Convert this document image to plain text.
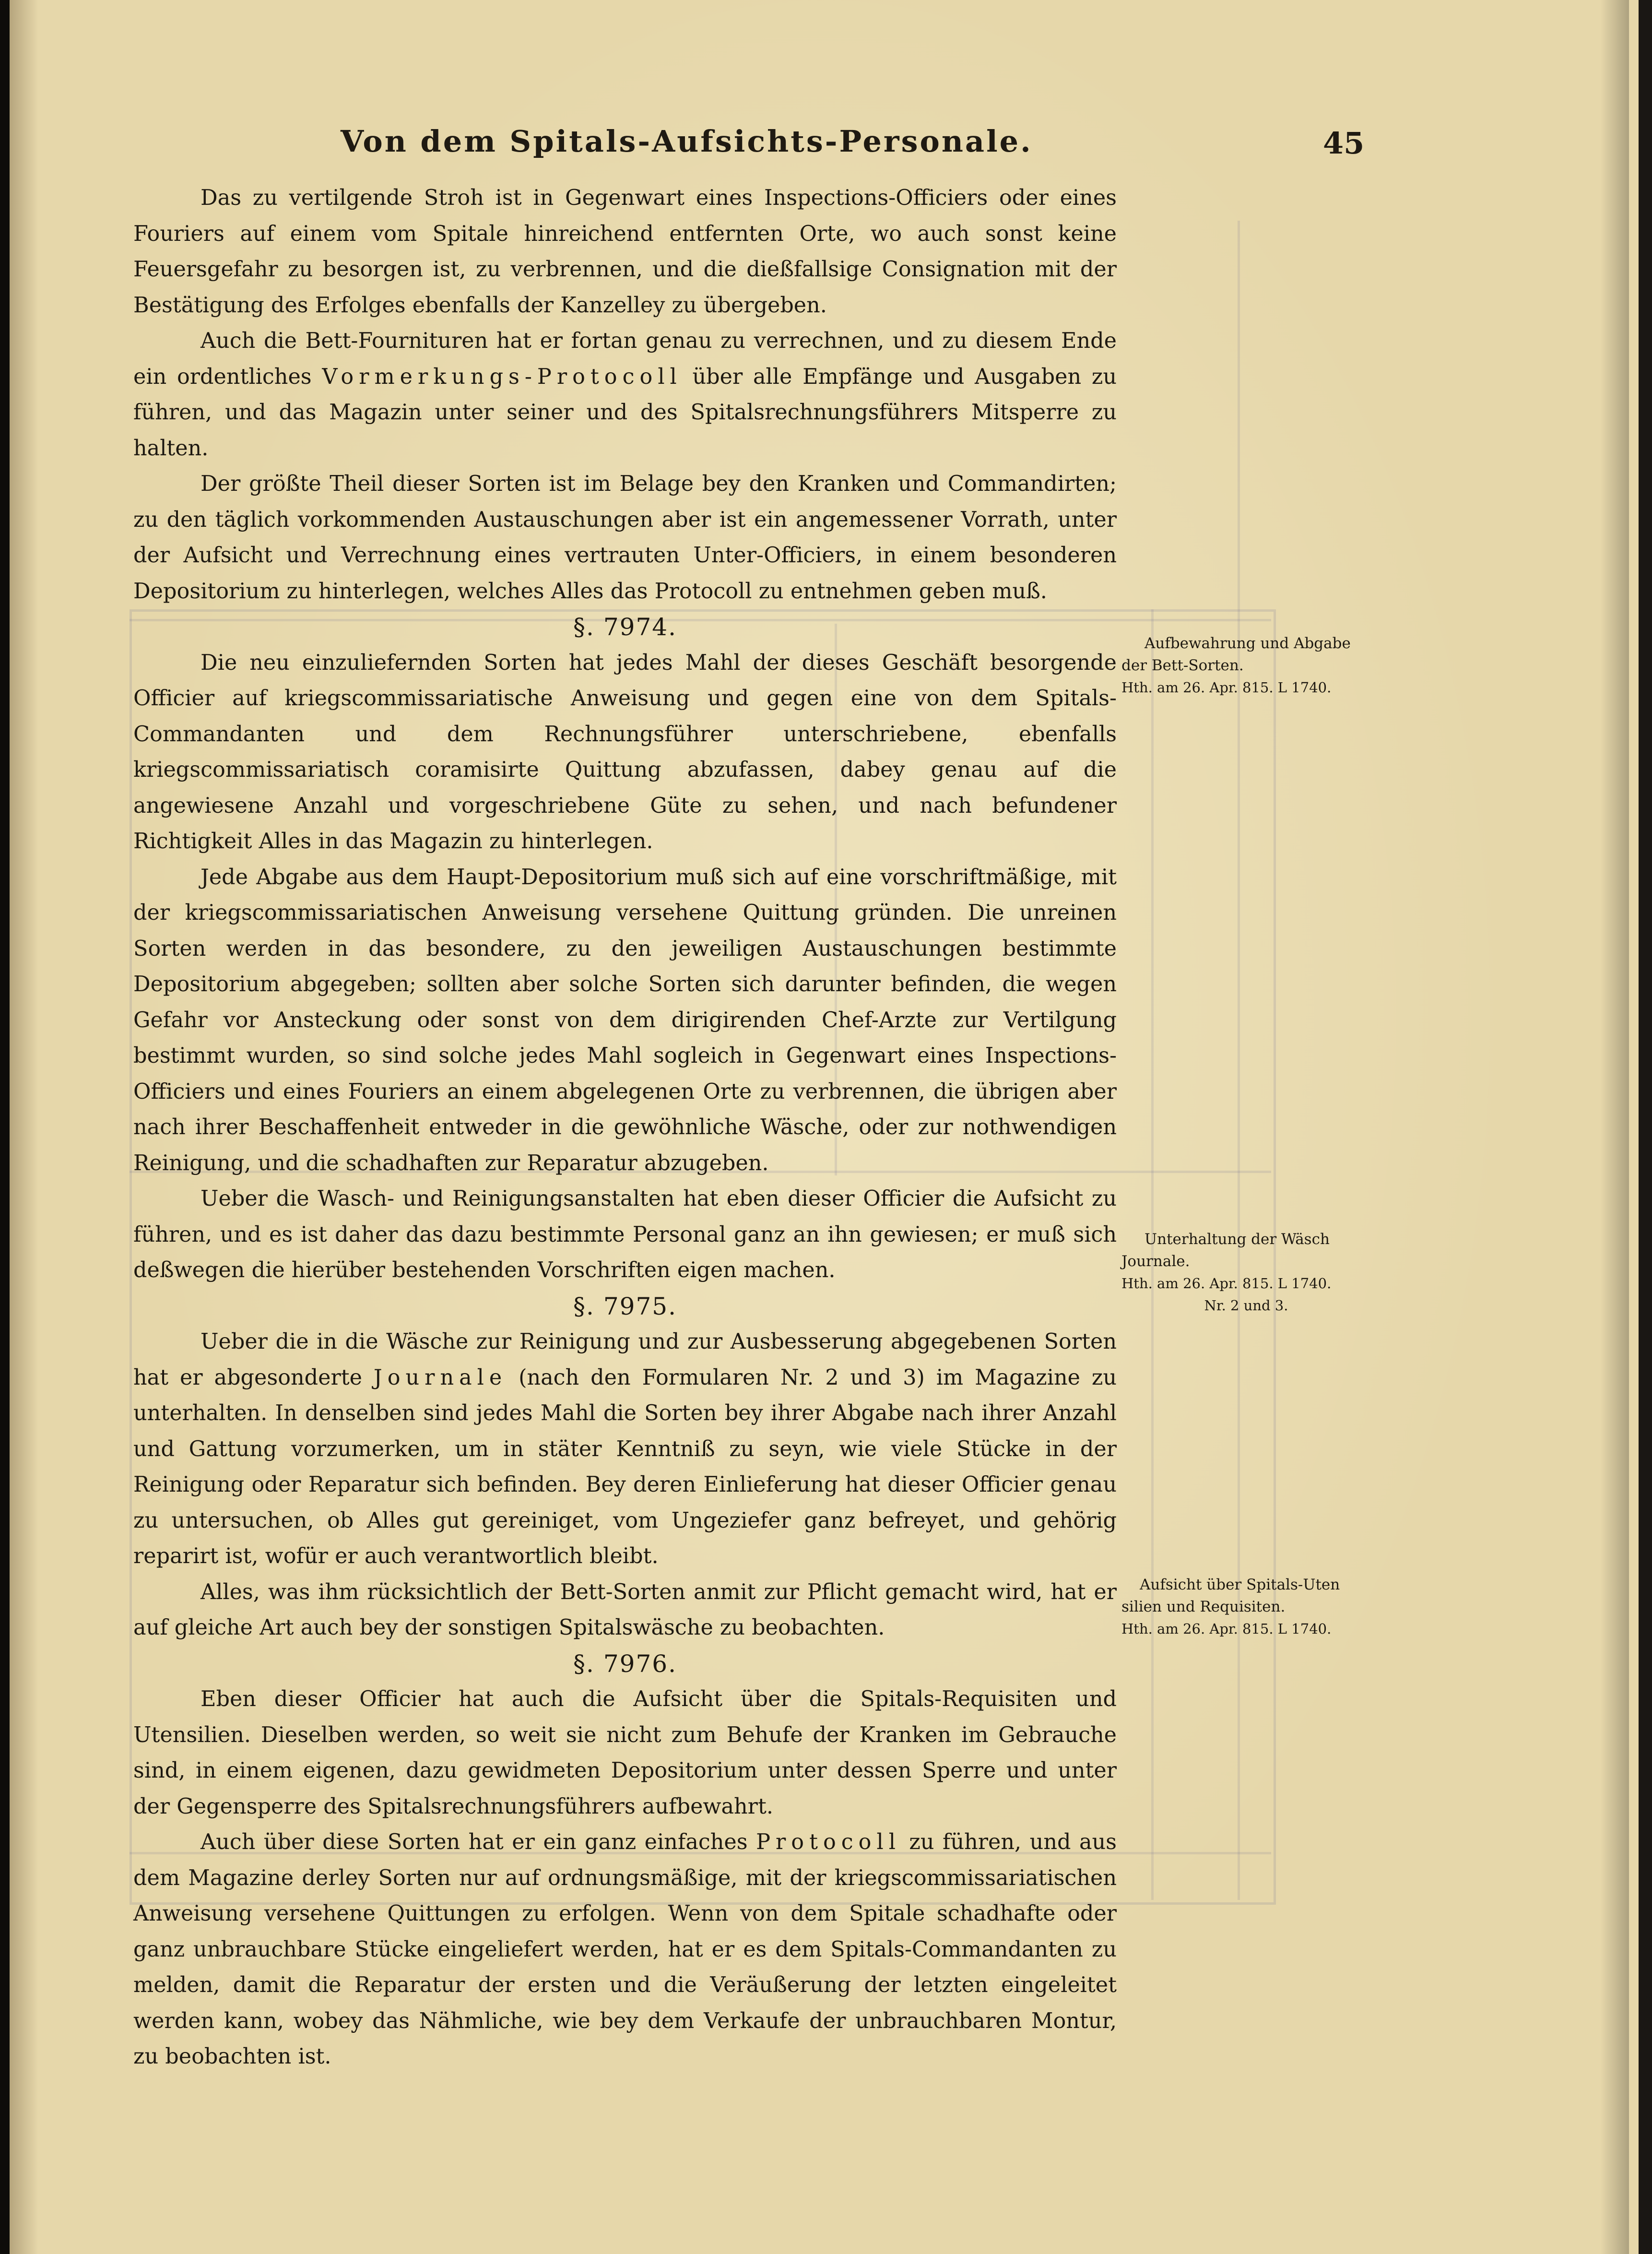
Von dem Spitals-Aufsichts-Personale.	45

Das zu vertilgende Stroh ist in Gegenwart eines Inspections-Officiers oder eines Fouriers auf einem vom Spitale hinreichend entfernten Orte, wo auch sonst keine Feuersgefahr zu besorgen ist, zu verbrennen, und die dießfallsige Consignation mit der Bestätigung des Erfolges ebenfalls der Kanzelley zu übergeben.

Auch die Bett-Fournituren hat er fortan genau zu verrechnen, und zu diesem Ende ein ordentliches Vormerkungs-Protocoll über alle Empfänge und Ausgaben zu führen, und das Magazin unter seiner und des Spitalsrechnungsführers Mitsperre zu halten.

Der größte Theil dieser Sorten ist im Belage bey den Kranken und Commandirten; zu den täglich vorkommenden Austauschungen aber ist ein angemessener Vorrath, unter der Aufsicht und Verrechnung eines vertrauten Unter-Officiers, in einem besonderen Depositorium zu hinterlegen, welches Alles das Protocoll zu entnehmen geben muß.

§. 7974.

Die neu einzuliefernden Sorten hat jedes Mahl der dieses Geschäft besorgende Officier auf kriegscommissariatische Anweisung und gegen eine von dem Spitals-Commandanten und dem Rechnungsführer unterschriebene, ebenfalls kriegscommissariatisch coramisirte Quittung abzufassen, dabey genau auf die angewiesene Anzahl und vorgeschriebene Güte zu sehen, und nach befundener Richtigkeit Alles in das Magazin zu hinterlegen.

Jede Abgabe aus dem Haupt-Depositorium muß sich auf eine vorschriftmäßige, mit der kriegscommissariatischen Anweisung versehene Quittung gründen. Die unreinen Sorten werden in das besondere, zu den jeweiligen Austauschungen bestimmte Depositorium abgegeben; sollten aber solche Sorten sich darunter befinden, die wegen Gefahr vor Ansteckung oder sonst von dem dirigirenden Chef-Arzte zur Vertilgung bestimmt wurden, so sind solche jedes Mahl sogleich in Gegenwart eines Inspections-Officiers und eines Fouriers an einem abgelegenen Orte zu verbrennen, die übrigen aber nach ihrer Beschaffenheit entweder in die gewöhnliche Wäsche, oder zur nothwendigen Reinigung, und die schadhaften zur Reparatur abzugeben.

Ueber die Wasch- und Reinigungsanstalten hat eben dieser Officier die Aufsicht zu führen, und es ist daher das dazu bestimmte Personal ganz an ihn gewiesen; er muß sich deßwegen die hierüber bestehenden Vorschriften eigen machen.

§. 7975.

Ueber die in die Wäsche zur Reinigung und zur Ausbesserung abgegebenen Sorten hat er abgesonderte Journale (nach den Formularen Nr. 2 und 3) im Magazine zu unterhalten. In denselben sind jedes Mahl die Sorten bey ihrer Abgabe nach ihrer Anzahl und Gattung vorzumerken, um in stäter Kenntniß zu seyn, wie viele Stücke in der Reinigung oder Reparatur sich befinden. Bey deren Einlieferung hat dieser Officier genau zu untersuchen, ob Alles gut gereiniget, vom Ungeziefer ganz befreyet, und gehörig reparirt ist, wofür er auch verantwortlich bleibt.

Alles, was ihm rücksichtlich der Bett-Sorten anmit zur Pflicht gemacht wird, hat er auf gleiche Art auch bey der sonstigen Spitalswäsche zu beobachten.

§. 7976.

Eben dieser Officier hat auch die Aufsicht über die Spitals-Requisiten und Utensilien. Dieselben werden, so weit sie nicht zum Behufe der Kranken im Gebrauche sind, in einem eigenen, dazu gewidmeten Depositorium unter dessen Sperre und unter der Gegensperre des Spitalsrechnungsführers aufbewahrt.

Auch über diese Sorten hat er ein ganz einfaches Protocoll zu führen, und aus dem Magazine derley Sorten nur auf ordnungsmäßige, mit der kriegscommissariatischen Anweisung versehene Quittungen zu erfolgen. Wenn von dem Spitale schadhafte oder ganz unbrauchbare Stücke eingeliefert werden, hat er es dem Spitals-Commandanten zu melden, damit die Reparatur der ersten und die Veräußerung der letzten eingeleitet werden kann, wobey das Nähmliche, wie bey dem Verkaufe der unbrauchbaren Montur, zu beobachten ist.

Aufbewahrung und Abgabe
der Bett-Sorten.
Hth. am 26. Apr. 815. L 1740.
Unterhaltung der Wäsch
Journale.
Hth. am 26. Apr. 815. L 1740.
Nr. 2 und 3.
Aufsicht über Spitals-Uten
silien und Requisiten.
Hth. am 26. Apr. 815. L 1740.
